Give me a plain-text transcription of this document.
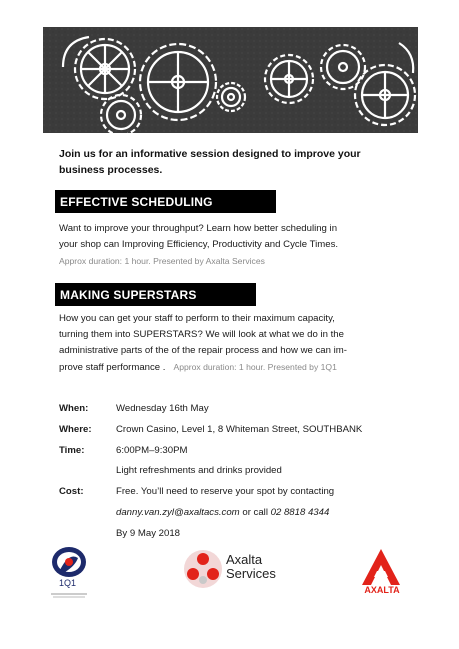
Join us for an informative session designed to improve your business processes.
EFFECTIVE SCHEDULING
Want to improve your throughput? Learn how better scheduling in
your shop can Improving Efficiency, Productivity and Cycle Times.
Approx duration: 1 hour. Presented by Axalta Services
MAKING SUPERSTARS
How you can get your staff to perform to their maximum capacity,
turning them into SUPERSTARS? We will look at what we do in the
administrative parts of the of the repair process and how we can im-
prove staff performance . Approx duration: 1 hour. Presented by 1Q1
When:	Wednesday 16th May
Where:	Crown Casino, Level 1, 8 Whiteman Street, SOUTHBANK
Time:	6:00PM–9:30PM
Light refreshments and drinks provided
Cost:	Free. You’ll need to reserve your spot by contacting
danny.van.zyl@axaltacs.com or call 02 8818 4344
By 9 May 2018
1Q1
Axalta
Services
AXALTA
